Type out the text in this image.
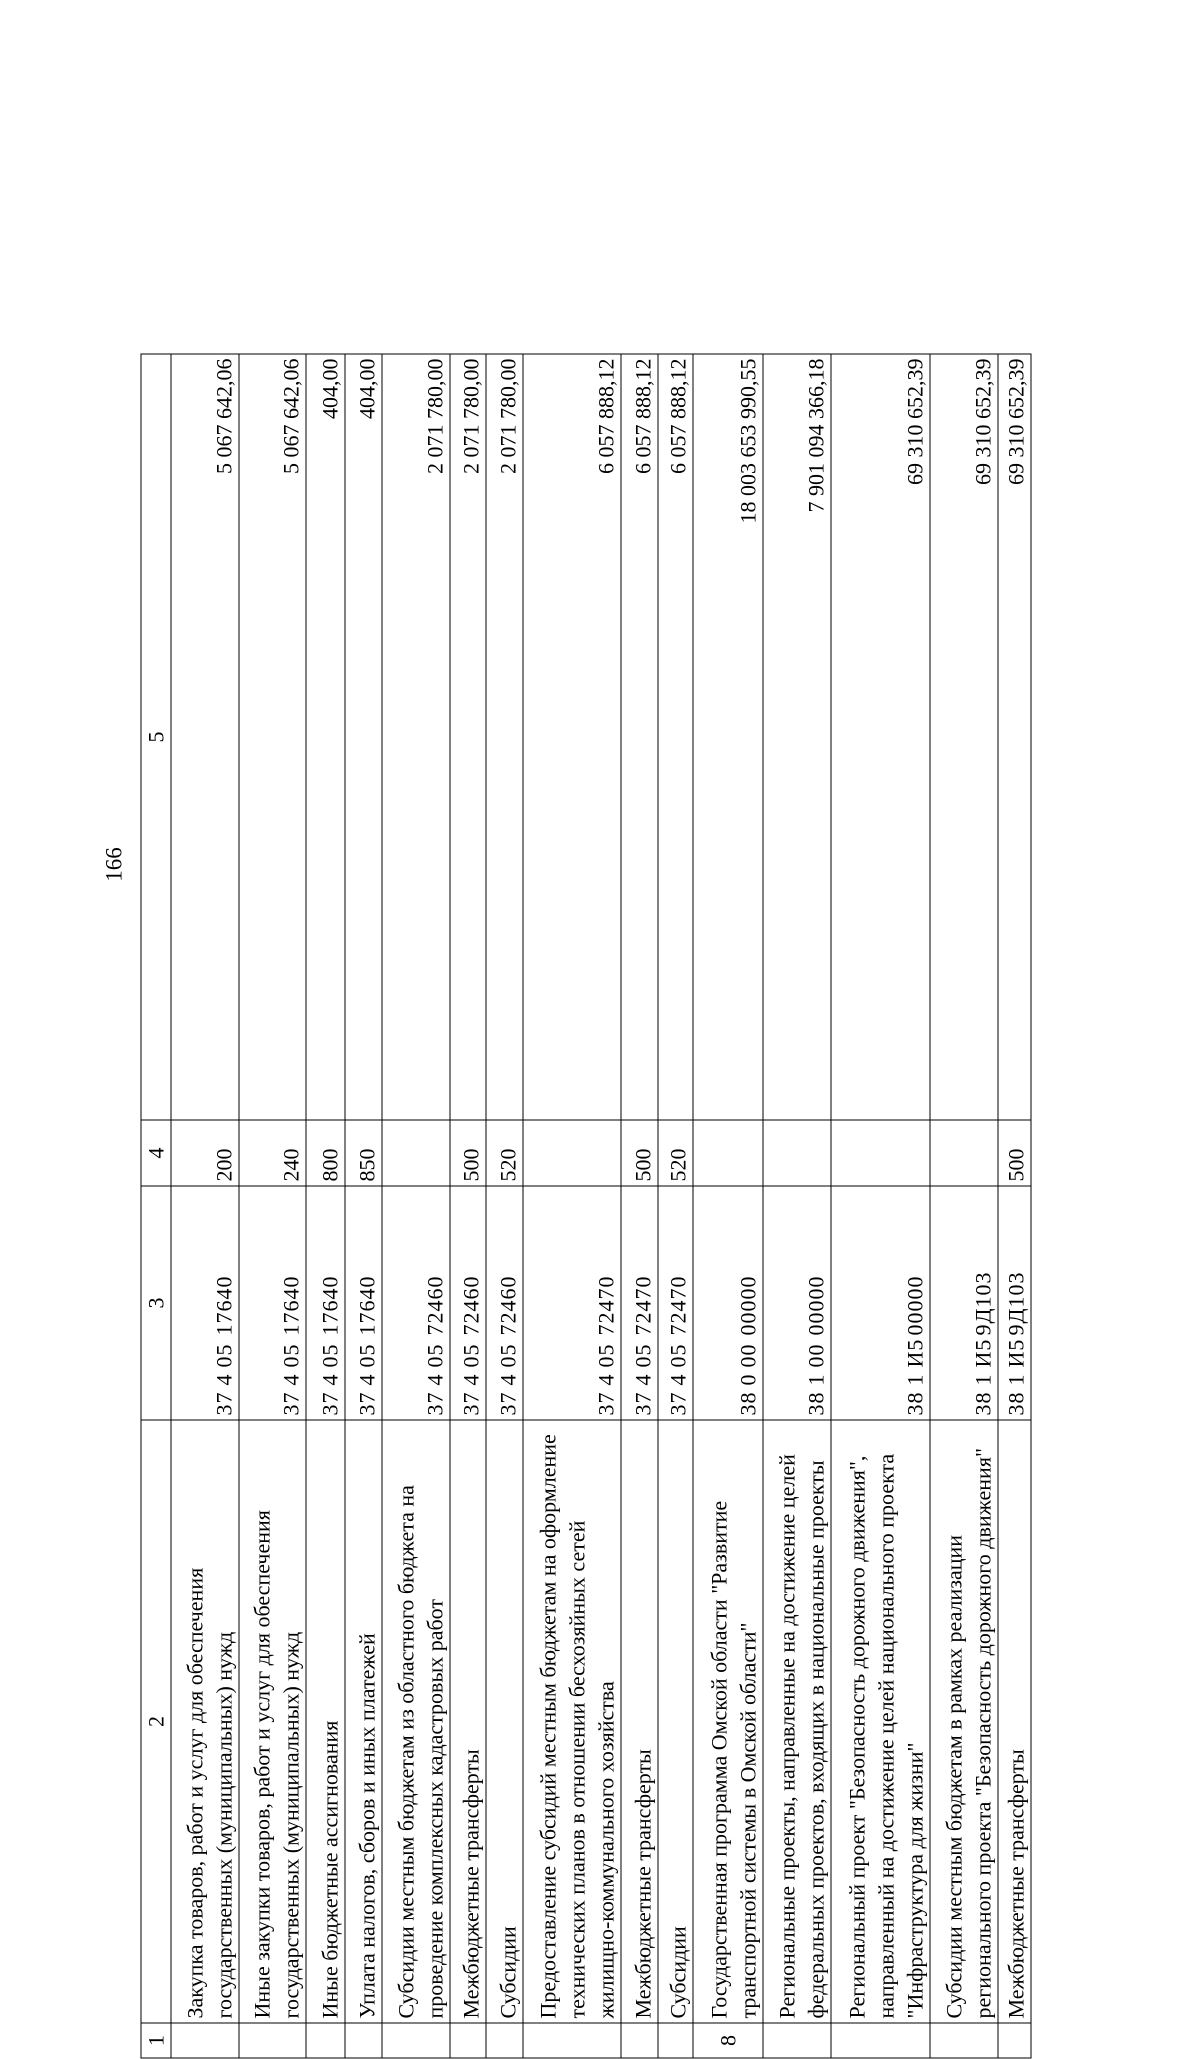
166
1	2	3	4	5
	Закупка товаров, работ и услуг для обеспечения государственных (муниципальных) нужд	3740517640	200	5 067 642,06
	Иные закупки товаров, работ и услуг для обеспечения государственных (муниципальных) нужд	3740517640	240	5 067 642,06
	Иные бюджетные ассигнования	3740517640	800	404,00
	Уплата налогов, сборов и иных платежей	3740517640	850	404,00
	Субсидии местным бюджетам из областного бюджета на проведение комплексных кадастровых работ	3740572460		2 071 780,00
	Межбюджетные трансферты	3740572460	500	2 071 780,00
	Субсидии	3740572460	520	2 071 780,00
	Предоставление субсидий местным бюджетам на оформление технических планов в отношении бесхозяйных сетей жилищно-коммунального хозяйства	3740572470		6 057 888,12
	Межбюджетные трансферты	3740572470	500	6 057 888,12
	Субсидии	3740572470	520	6 057 888,12
8	Государственная программа Омской области "Развитие транспортной системы в Омской области"	3800000000		18 003 653 990,55
	Региональные проекты, направленные на достижение целей федеральных проектов, входящих в национальные проекты	3810000000		7 901 094 366,18
	Региональный проект "Безопасность дорожного движения", направленный на достижение целей национального проекта "Инфраструктура для жизни"	381И500000		69 310 652,39
	Субсидии местным бюджетам в рамках реализации регионального проекта "Безопасность дорожного движения"	381И59Д103		69 310 652,39
	Межбюджетные трансферты	381И59Д103	500	69 310 652,39
